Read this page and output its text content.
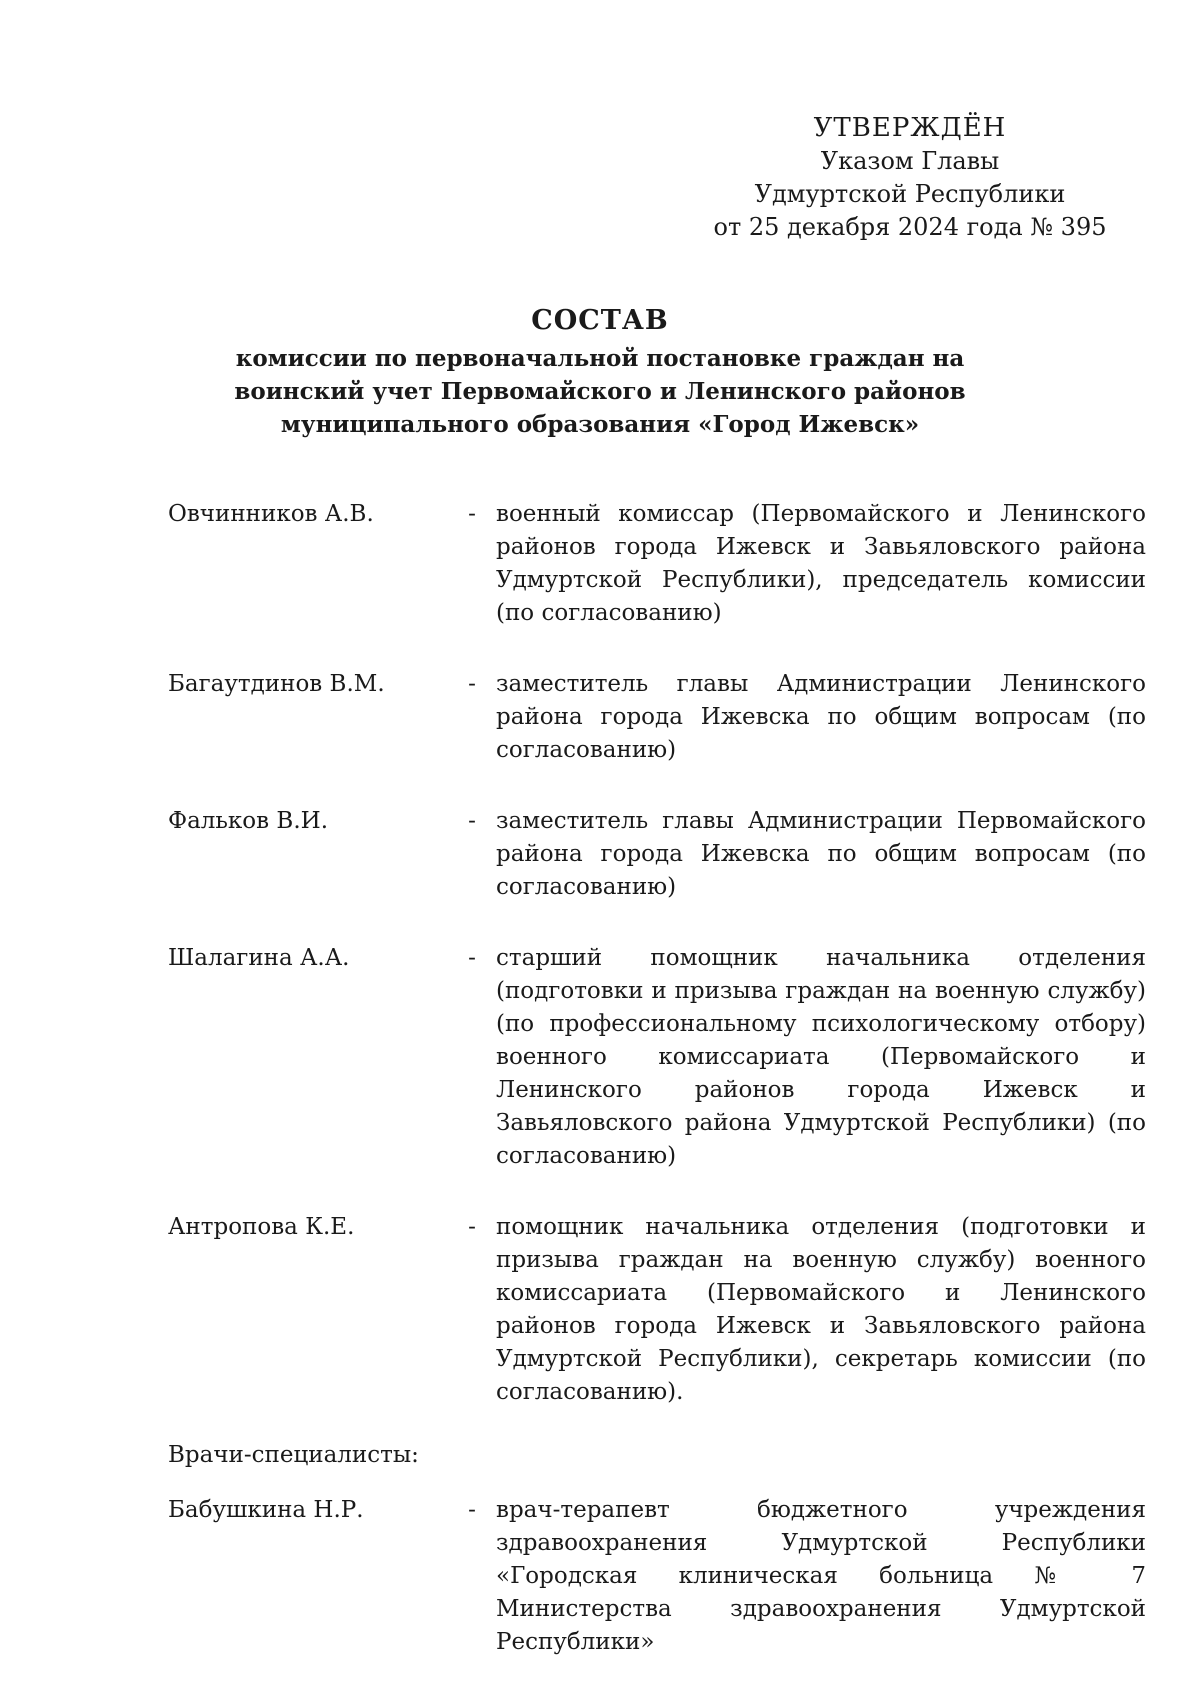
УТВЕРЖДЁН
Указом Главы
Удмуртской Республики
от 25 декабря 2024 года № 395
СОСТАВ
комиссии по первоначальной постановке граждан на
воинский учет Первомайского и Ленинского районов
муниципального образования «Город Ижевск»
Овчинников А.В.	- военный комиссар (Первомайского и Ленинского районов города Ижевск и Завьяловского района Удмуртской Республики), председатель комиссии (по согласованию)
Багаутдинов В.М.	- заместитель главы Администрации Ленинского района города Ижевска по общим вопросам (по согласованию)
Фальков В.И.	- заместитель главы Администрации Первомайского района города Ижевска по общим вопросам (по согласованию)
Шалагина А.А.	- старший помощник начальника отделения (подготовки и призыва граждан на военную службу) (по профессиональному психологическому отбору) военного комиссариата (Первомайского и Ленинского районов города Ижевск и Завьяловского района Удмуртской Республики) (по согласованию)
Антропова К.Е.	- помощник начальника отделения (подготовки и призыва граждан на военную службу) военного комиссариата (Первомайского и Ленинского районов города Ижевск и Завьяловского района Удмуртской Республики), секретарь комиссии (по согласованию).
Врачи-специалисты:
Бабушкина Н.Р.	- врач-терапевт бюджетного учреждения здравоохранения Удмуртской Республики «Городская клиническая больница № 7 Министерства здравоохранения Удмуртской Республики»
